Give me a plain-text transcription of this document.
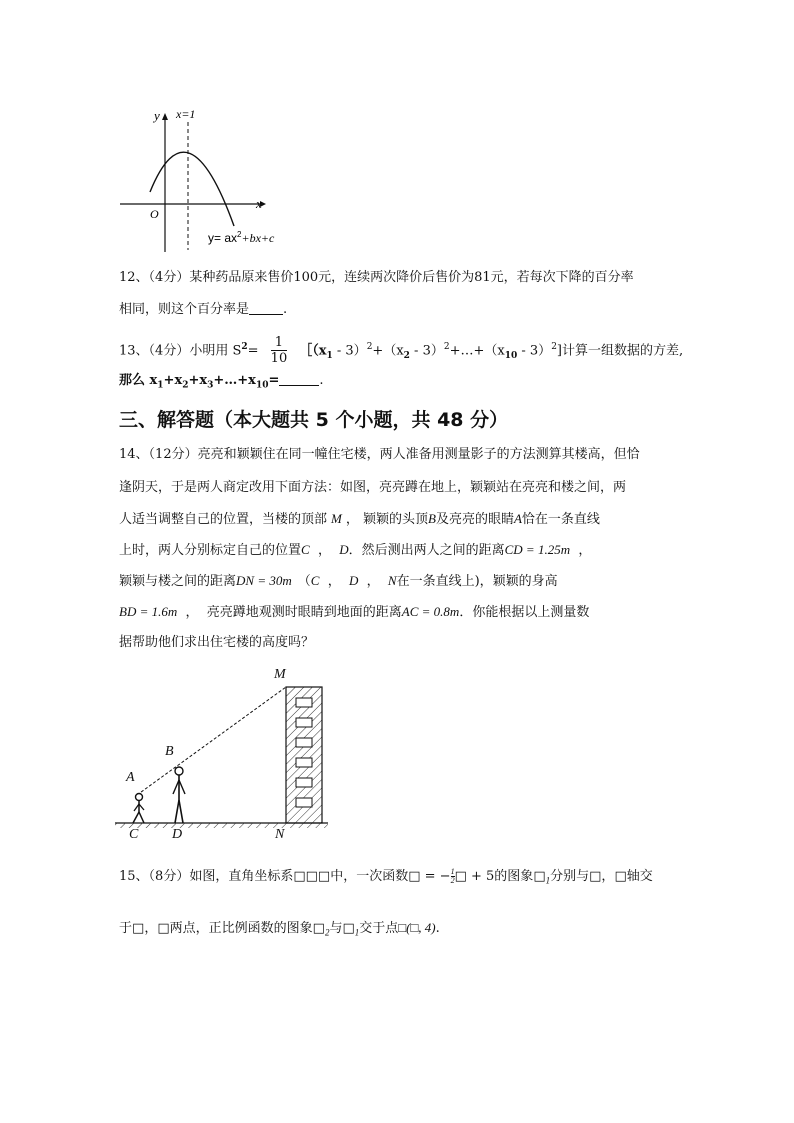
y x=1
x
O
$y= ax^2+bx+c$
12、（4分）某种药品原来售价100元，连续两次降价后售价为81元，若每次下降的百分率
相同，则这个百分率是	.
13、（4分）小明用 $S^2= \frac{1}{10}$ $[(x_1 - 3)^2+(x_2$ - $3)^2+\dots+(x_{10} - 3)^2$]计算一组数据的方差,
那么 $x_1+x_2+x_3+\dots+x_{10}=$	.
三、解答题（本大题共 5 个小题，共 48 分）
14、（12分）亮亮和颖颖住在同一幢住宅楼，两人准备用测量影子的方法测算其楼高，但恰
逢阴天，于是两人商定改用下面方法：如图，亮亮蹲在地上，颖颖站在亮亮和楼之间，两
人适当调整自己的位置，当楼的顶部 M ， 颖颖的头顶B及亮亮的眼睛A恰在一条直线
上时，两人分别标定自己的位置C  ，  D．然后测出两人之间的距离CD = 1.25m  ，
颖颖与楼之间的距离DN = 30m （C  ，  D  ，  N在一条直线上)，颖颖的身高
BD = 1.6m  ，  亮亮蹲地观测时眼睛到地面的距离AC = 0.8m．你能根据以上测量数
据帮助他们求出住宅楼的高度吗？
M
B
A
C D	N
15、（8分）如图，直角坐标系□□□中，一次函数□ = − $\frac{1}{2}$ □ + 5的图象$□_1$分别与□，□轴交
于□，□两点，正比例函数的图象$□_2$与$□_1$交于点□(□, 4).
